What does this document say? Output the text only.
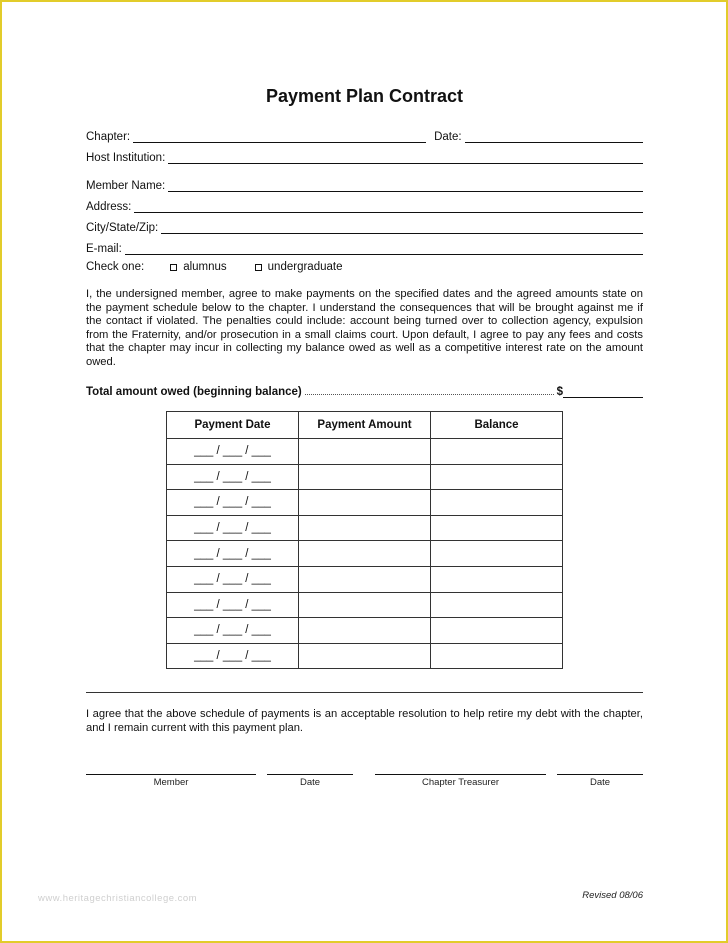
www.heritagechristiancollege.com
Payment Plan Contract
Chapter:	Date:
Host Institution:
Member Name:
Address:
City/State/Zip:
E-mail:
Check one:	alumnus	undergraduate
I, the undersigned member, agree to make payments on the specified dates and the agreed amounts state on the payment schedule below to the chapter. I understand the consequences that will be brought against me if the contact if violated. The penalties could include: account being turned over to collection agency, expulsion from the Fraternity, and/or prosecution in a small claims court. Upon default, I agree to pay any fees and costs that the chapter may incur in collecting my balance owed as well as a competitive interest rate on the amount owed.
Total amount owed (beginning balance)	$
Payment Date	Payment Amount	Balance
___ / ___ / ___		
___ / ___ / ___		
___ / ___ / ___		
___ / ___ / ___		
___ / ___ / ___		
___ / ___ / ___		
___ / ___ / ___		
___ / ___ / ___		
___ / ___ / ___		
I agree that the above schedule of payments is an acceptable resolution to help retire my debt with the chapter, and I remain current with this payment plan.
Member	Date	Chapter Treasurer	Date
Revised 08/06
